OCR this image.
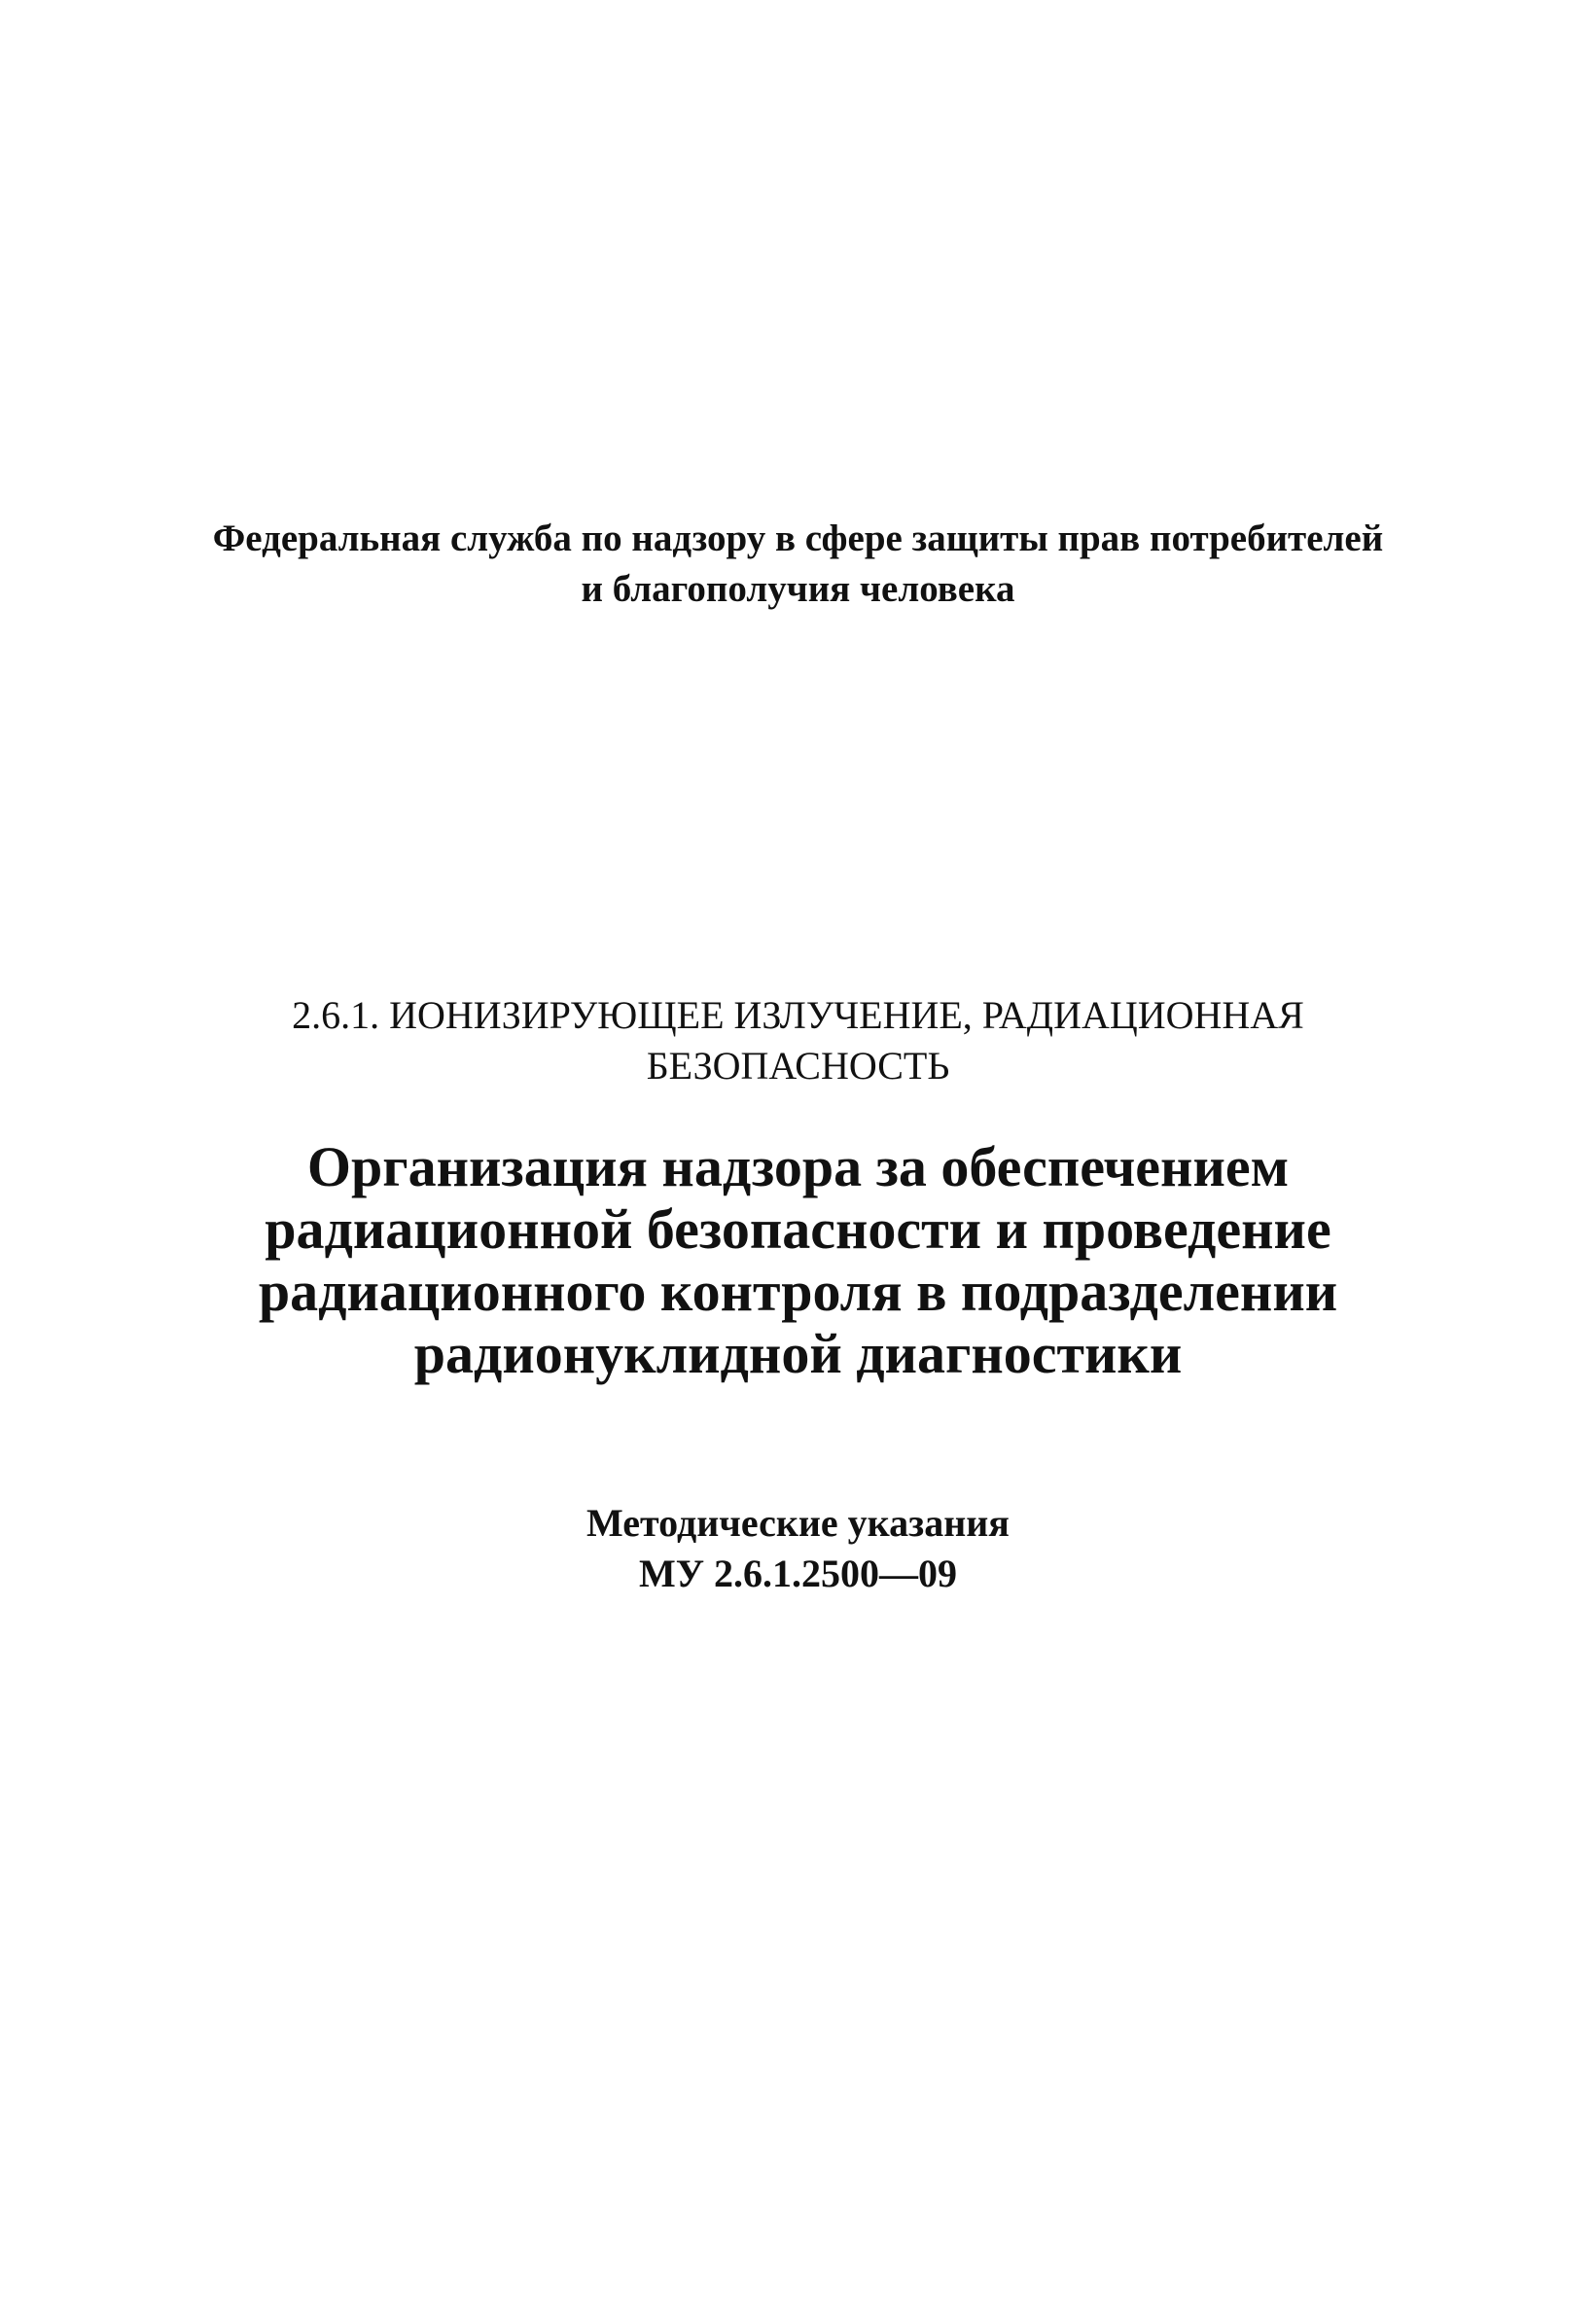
Федеральная служба по надзору в сфере защиты прав потребителей

и благополучия человека

2.6.1. ИОНИЗИРУЮЩЕЕ ИЗЛУЧЕНИЕ, РАДИАЦИОННАЯ

БЕЗОПАСНОСТЬ

Организация надзора за обеспечением

радиационной безопасности и проведение

радиационного контроля в подразделении

радионуклидной диагностики

Методические указания

МУ 2.6.1.2500—09
